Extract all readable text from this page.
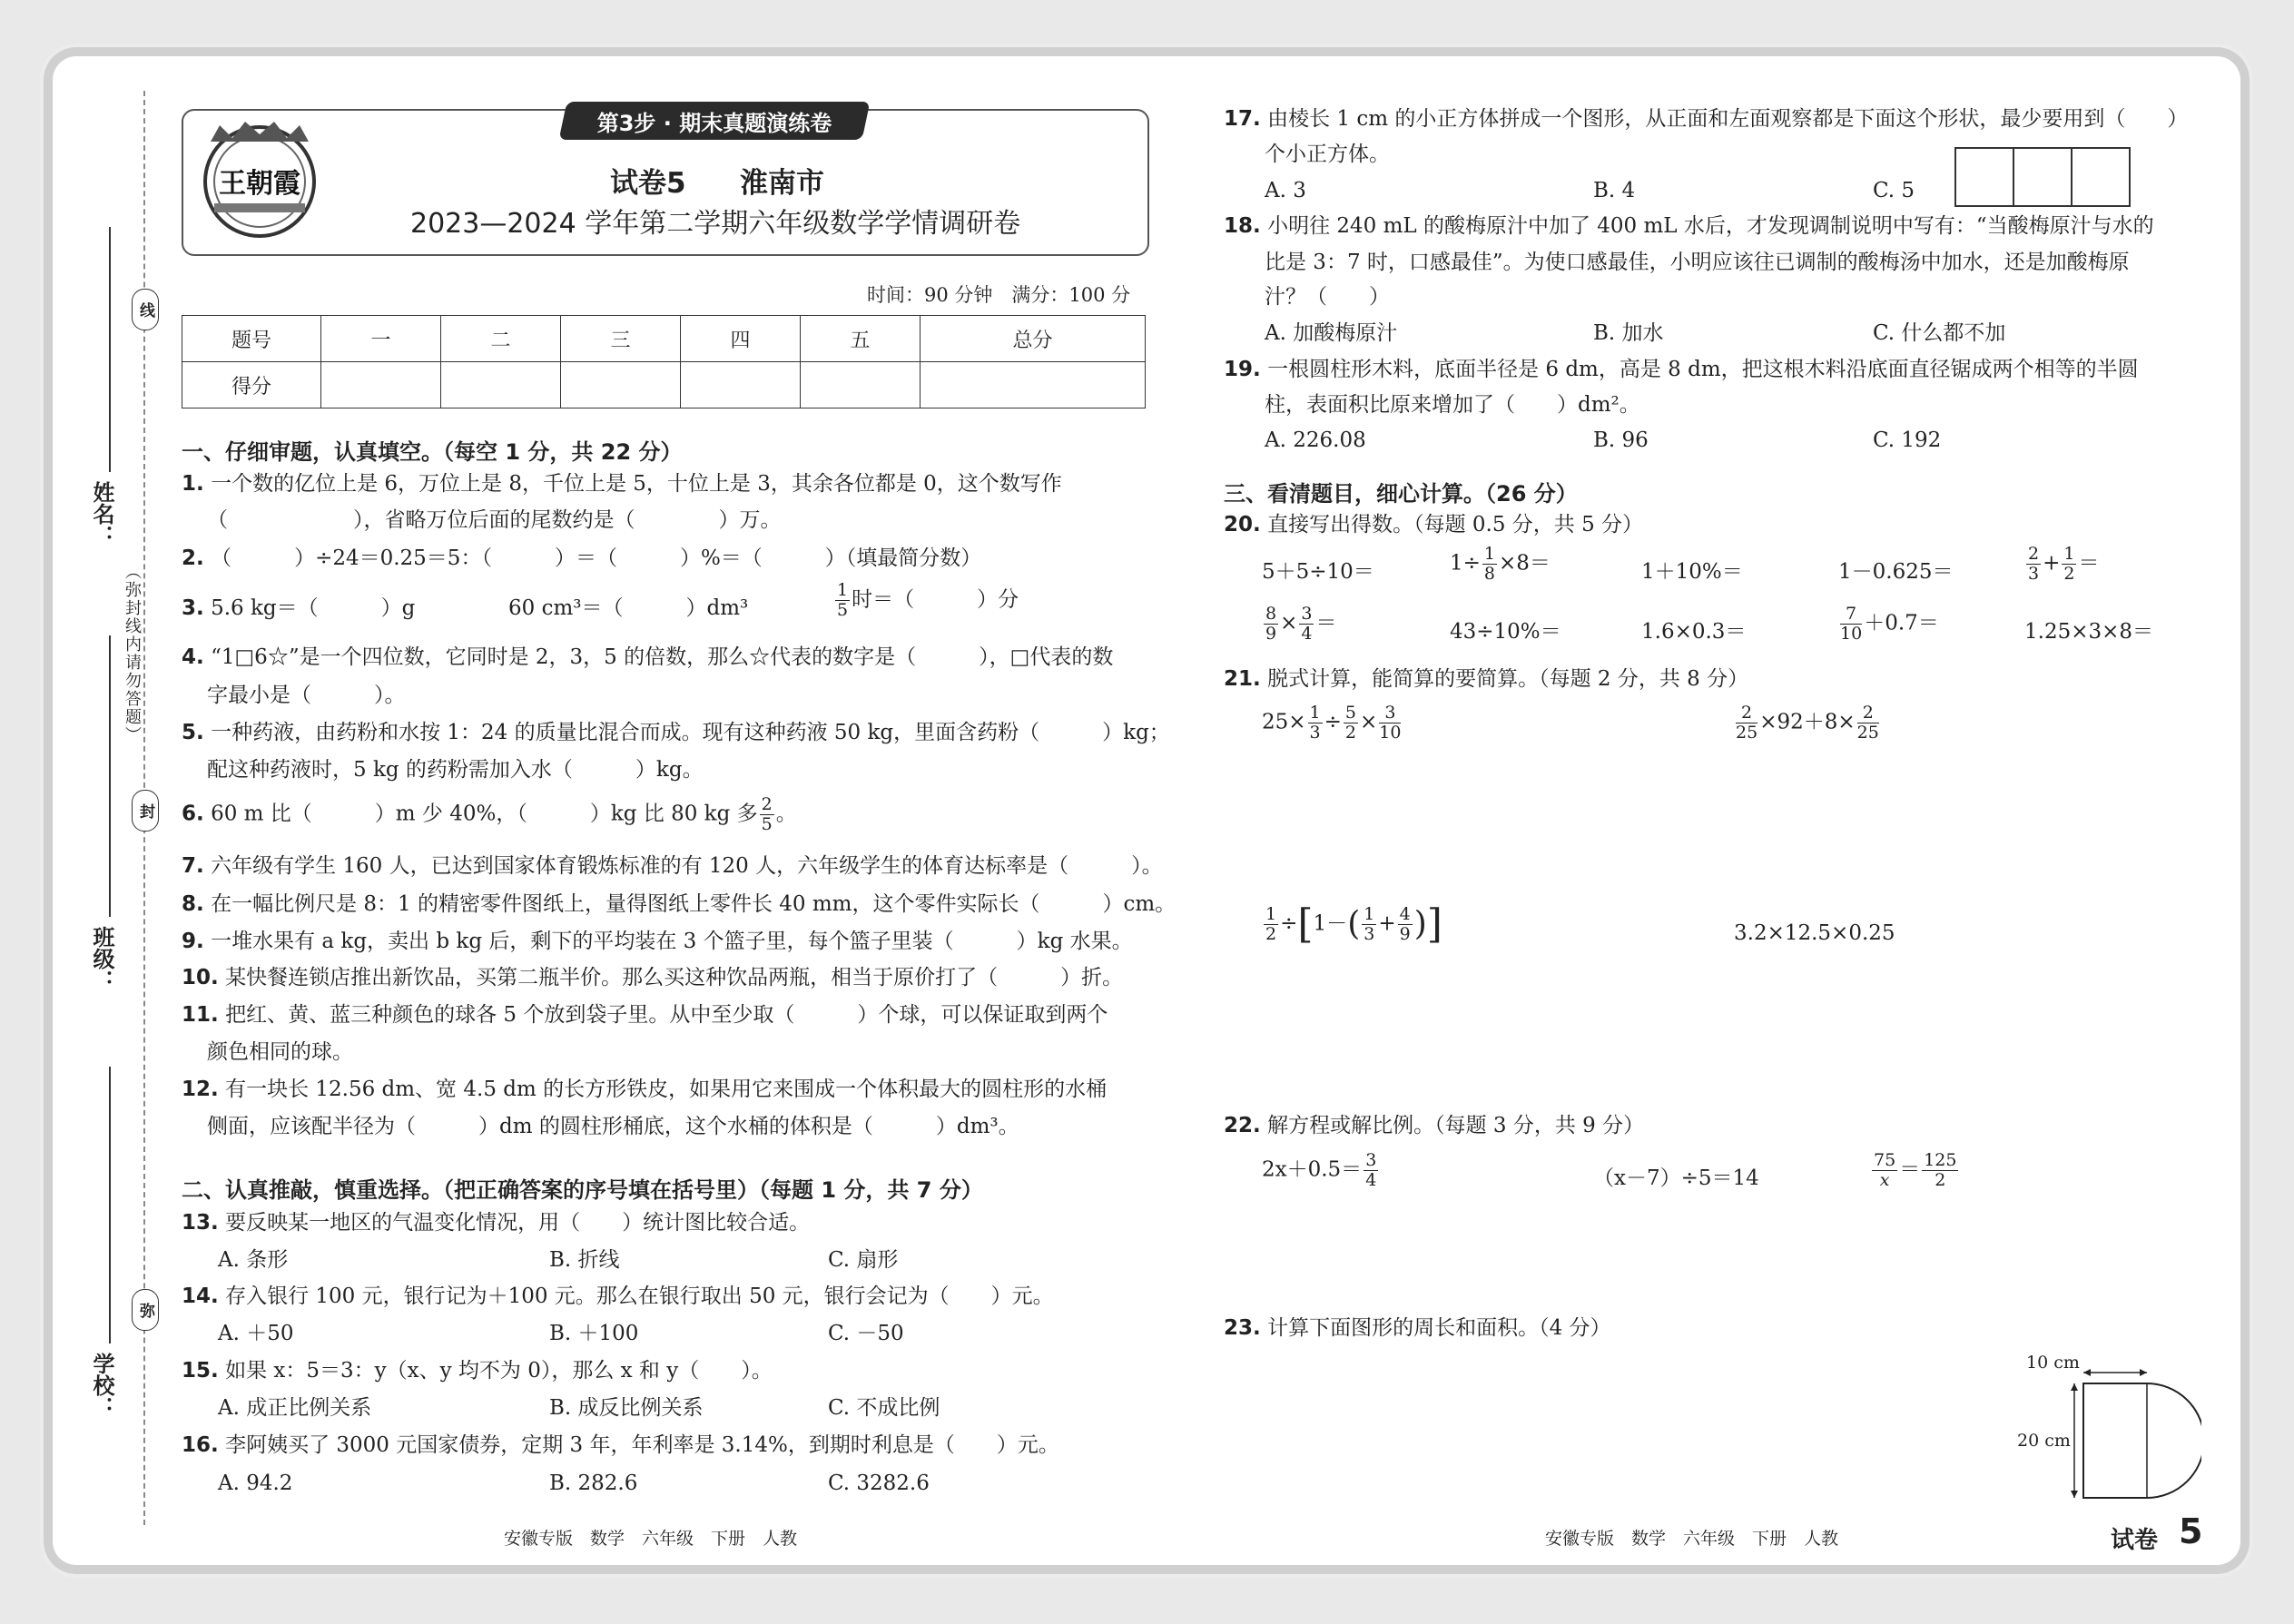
线
封
弥
（弥封线内请勿答题）
姓名：
班级：
学校：
王朝霞
第3步 · 期末真题演练卷
试卷5 淮南市
2023—2024 学年第二学期六年级数学学情调研卷
时间：90 分钟　满分：100 分
题号	一	二	三	四	五	总分
得分						
一、仔细审题，认真填空。（每空 1 分，共 22 分）
1. 一个数的亿位上是 6，万位上是 8，千位上是 5，十位上是 3，其余各位都是 0，这个数写作
（　　　　　　），省略万位后面的尾数约是（　　　　）万。
2. （　　　）÷24＝0.25＝5：（　　　）＝（　　　）%＝（　　　）（填最简分数）
3. 5.6 kg＝（　　　）g	60 cm³＝（　　　）dm³	$\frac{1}{5}$ 时＝（　　　）分
4. “1□6☆”是一个四位数，它同时是 2，3，5 的倍数，那么☆代表的数字是（　　　），□代表的数
字最小是（　　　）。
5. 一种药液，由药粉和水按 1：24 的质量比混合而成。现有这种药液 50 kg，里面含药粉（　　　）kg；
配这种药液时，5 kg 的药粉需加入水（　　　）kg。
6. 60 m 比（　　　）m 少 40%，（　　　）kg 比 80 kg 多 $\frac{2}{5}$ 。
7. 六年级有学生 160 人，已达到国家体育锻炼标准的有 120 人，六年级学生的体育达标率是（　　　）。
8. 在一幅比例尺是 8：1 的精密零件图纸上，量得图纸上零件长 40 mm，这个零件实际长（　　　）cm。
9. 一堆水果有 a kg，卖出 b kg 后，剩下的平均装在 3 个篮子里，每个篮子里装（　　　）kg 水果。
10. 某快餐连锁店推出新饮品，买第二瓶半价。那么买这种饮品两瓶，相当于原价打了（　　　）折。
11. 把红、黄、蓝三种颜色的球各 5 个放到袋子里。从中至少取（　　　）个球，可以保证取到两个
颜色相同的球。
12. 有一块长 12.56 dm、宽 4.5 dm 的长方形铁皮，如果用它来围成一个体积最大的圆柱形的水桶
侧面，应该配半径为（　　　）dm 的圆柱形桶底，这个水桶的体积是（　　　）dm³。
二、认真推敲，慎重选择。（把正确答案的序号填在括号里）（每题 1 分，共 7 分）
13. 要反映某一地区的气温变化情况，用（　　）统计图比较合适。
A. 条形	B. 折线	C. 扇形
14. 存入银行 100 元，银行记为＋100 元。那么在银行取出 50 元，银行会记为（　　）元。
A. ＋50	B. ＋100	C. －50
15. 如果 x：5＝3：y（x、y 均不为 0），那么 x 和 y（　　）。
A. 成正比例关系	B. 成反比例关系	C. 不成比例
16. 李阿姨买了 3000 元国家债券，定期 3 年，年利率是 3.14%，到期时利息是（　　）元。
A. 94.2	B. 282.6	C. 3282.6
安徽专版　数学　六年级　下册　人教
17. 由棱长 1 cm 的小正方体拼成一个图形，从正面和左面观察都是下面这个形状，最少要用到（　　）
个小正方体。
A. 3	B. 4	C. 5
18. 小明往 240 mL 的酸梅原汁中加了 400 mL 水后，才发现调制说明中写有：“当酸梅原汁与水的
比是 3：7 时，口感最佳”。为使口感最佳，小明应该往已调制的酸梅汤中加水，还是加酸梅原
汁？（　　）
A. 加酸梅原汁	B. 加水	C. 什么都不加
19. 一根圆柱形木料，底面半径是 6 dm，高是 8 dm，把这根木料沿底面直径锯成两个相等的半圆
柱，表面积比原来增加了（　　）dm²。
A. 226.08	B. 96	C. 192
三、看清题目，细心计算。（26 分）
20. 直接写出得数。（每题 0.5 分，共 5 分）
5＋5÷10＝	$1\div \frac{1}{8} \times 8=$	1＋10%＝	1－0.625＝	$\frac{2}{3} + \frac{1}{2}$ ＝
$\frac{8}{9} \times \frac{3}{4}$ ＝	43÷10%＝	1.6×0.3＝	$\frac{7}{10} +0.7=$	1.25×3×8＝
21. 脱式计算，能简算的要简算。（每题 2 分，共 8 分）
$25\times \frac{1}{3} \div \frac{5}{2} \times \frac{3}{10}$	$\frac{2}{25} \times 92+8\times \frac{2}{25}$
$\frac{1}{2} \div[1-( \frac{1}{3} + \frac{4}{9}$ )]	3.2×12.5×0.25
22. 解方程或解比例。（每题 3 分，共 9 分）
$2x+0.5= \frac{3}{4}$	（x－7）÷5＝14	$\frac{75}{x} = \frac{125}{2}$
23. 计算下面图形的周长和面积。（4 分）
10 cm
20 cm
安徽专版　数学　六年级　下册　人教	试卷 5
